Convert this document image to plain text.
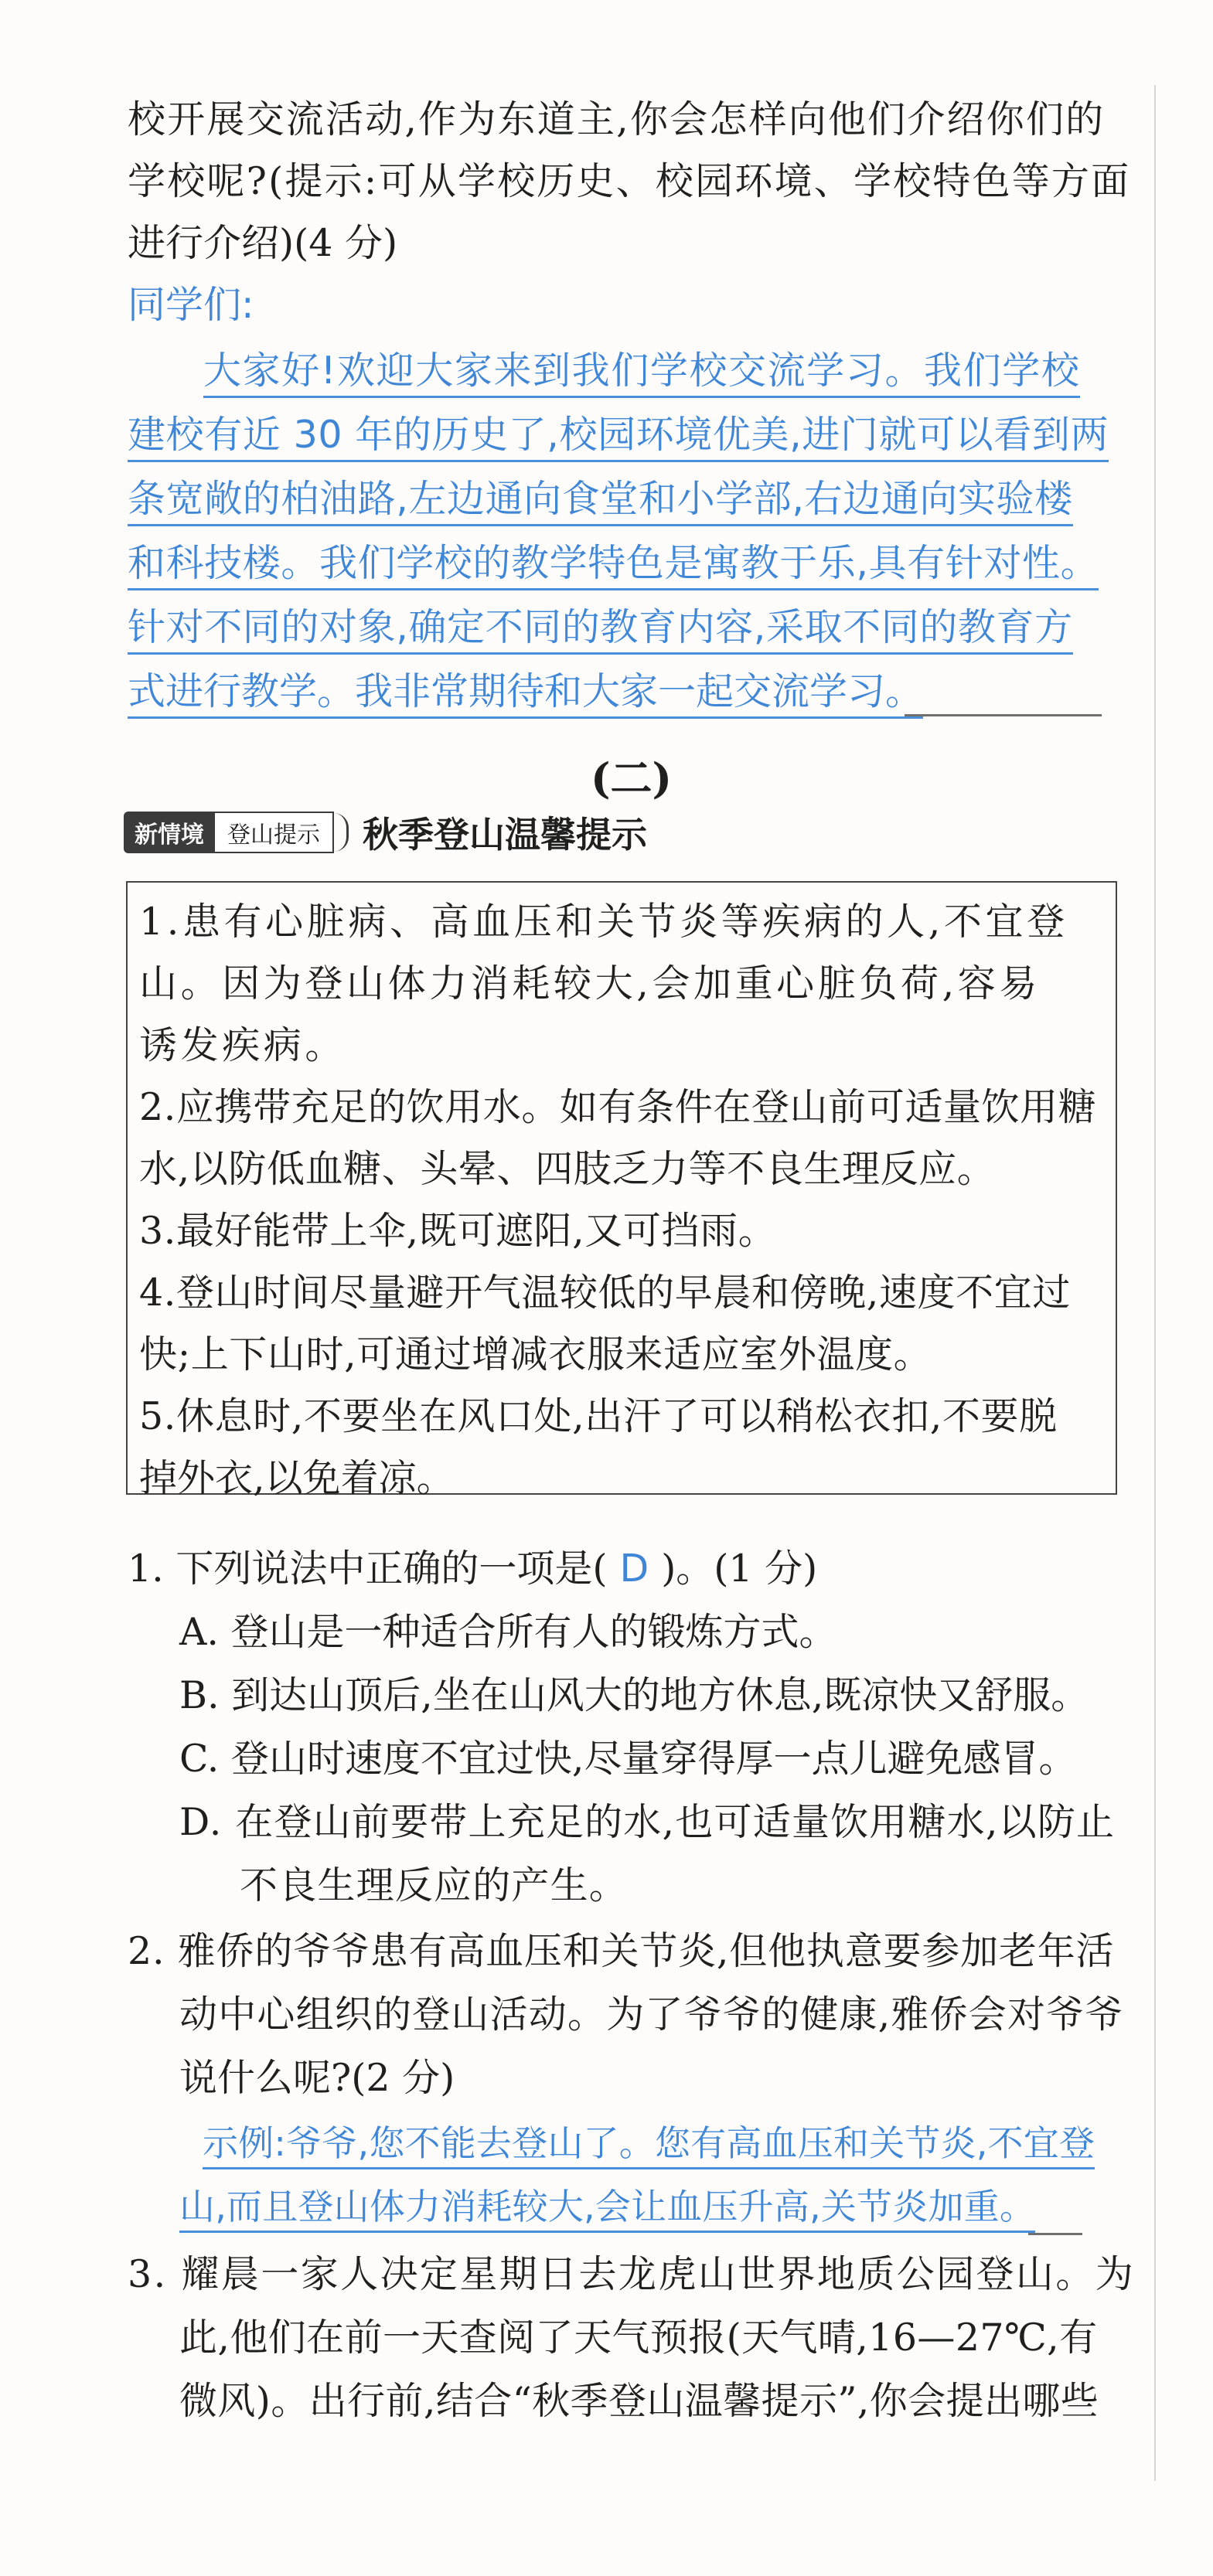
校开展交流活动,作为东道主,你会怎样向他们介绍你们的
学校呢?(提示:可从学校历史、校园环境、学校特色等方面
进行介绍)(4 分)
同学们:
大家好!欢迎大家来到我们学校交流学习。我们学校
建校有近 30 年的历史了,校园环境优美,进门就可以看到两
条宽敞的柏油路,左边通向食堂和小学部,右边通向实验楼
和科技楼。我们学校的教学特色是寓教于乐,具有针对性。
针对不同的对象,确定不同的教育内容,采取不同的教育方
式进行教学。我非常期待和大家一起交流学习。
(二)
新情境	登山提示	秋季登山温馨提示
1.患有心脏病、高血压和关节炎等疾病的人,不宜登
山。因为登山体力消耗较大,会加重心脏负荷,容易
诱发疾病。
2.应携带充足的饮用水。如有条件在登山前可适量饮用糖
水,以防低血糖、头晕、四肢乏力等不良生理反应。
3.最好能带上伞,既可遮阳,又可挡雨。
4.登山时间尽量避开气温较低的早晨和傍晚,速度不宜过
快;上下山时,可通过增减衣服来适应室外温度。
5.休息时,不要坐在风口处,出汗了可以稍松衣扣,不要脱
掉外衣,以免着凉。
1. 下列说法中正确的一项是( D )。(1 分)
A. 登山是一种适合所有人的锻炼方式。
B. 到达山顶后,坐在山风大的地方休息,既凉快又舒服。
C. 登山时速度不宜过快,尽量穿得厚一点儿避免感冒。
D. 在登山前要带上充足的水,也可适量饮用糖水,以防止
不良生理反应的产生。
2. 雅侨的爷爷患有高血压和关节炎,但他执意要参加老年活
动中心组织的登山活动。为了爷爷的健康,雅侨会对爷爷
说什么呢?(2 分)
示例:爷爷,您不能去登山了。您有高血压和关节炎,不宜登
山,而且登山体力消耗较大,会让血压升高,关节炎加重。
3. 耀晨一家人决定星期日去龙虎山世界地质公园登山。为
此,他们在前一天查阅了天气预报(天气晴,16—27℃,有
微风)。出行前,结合“秋季登山温馨提示”,你会提出哪些
